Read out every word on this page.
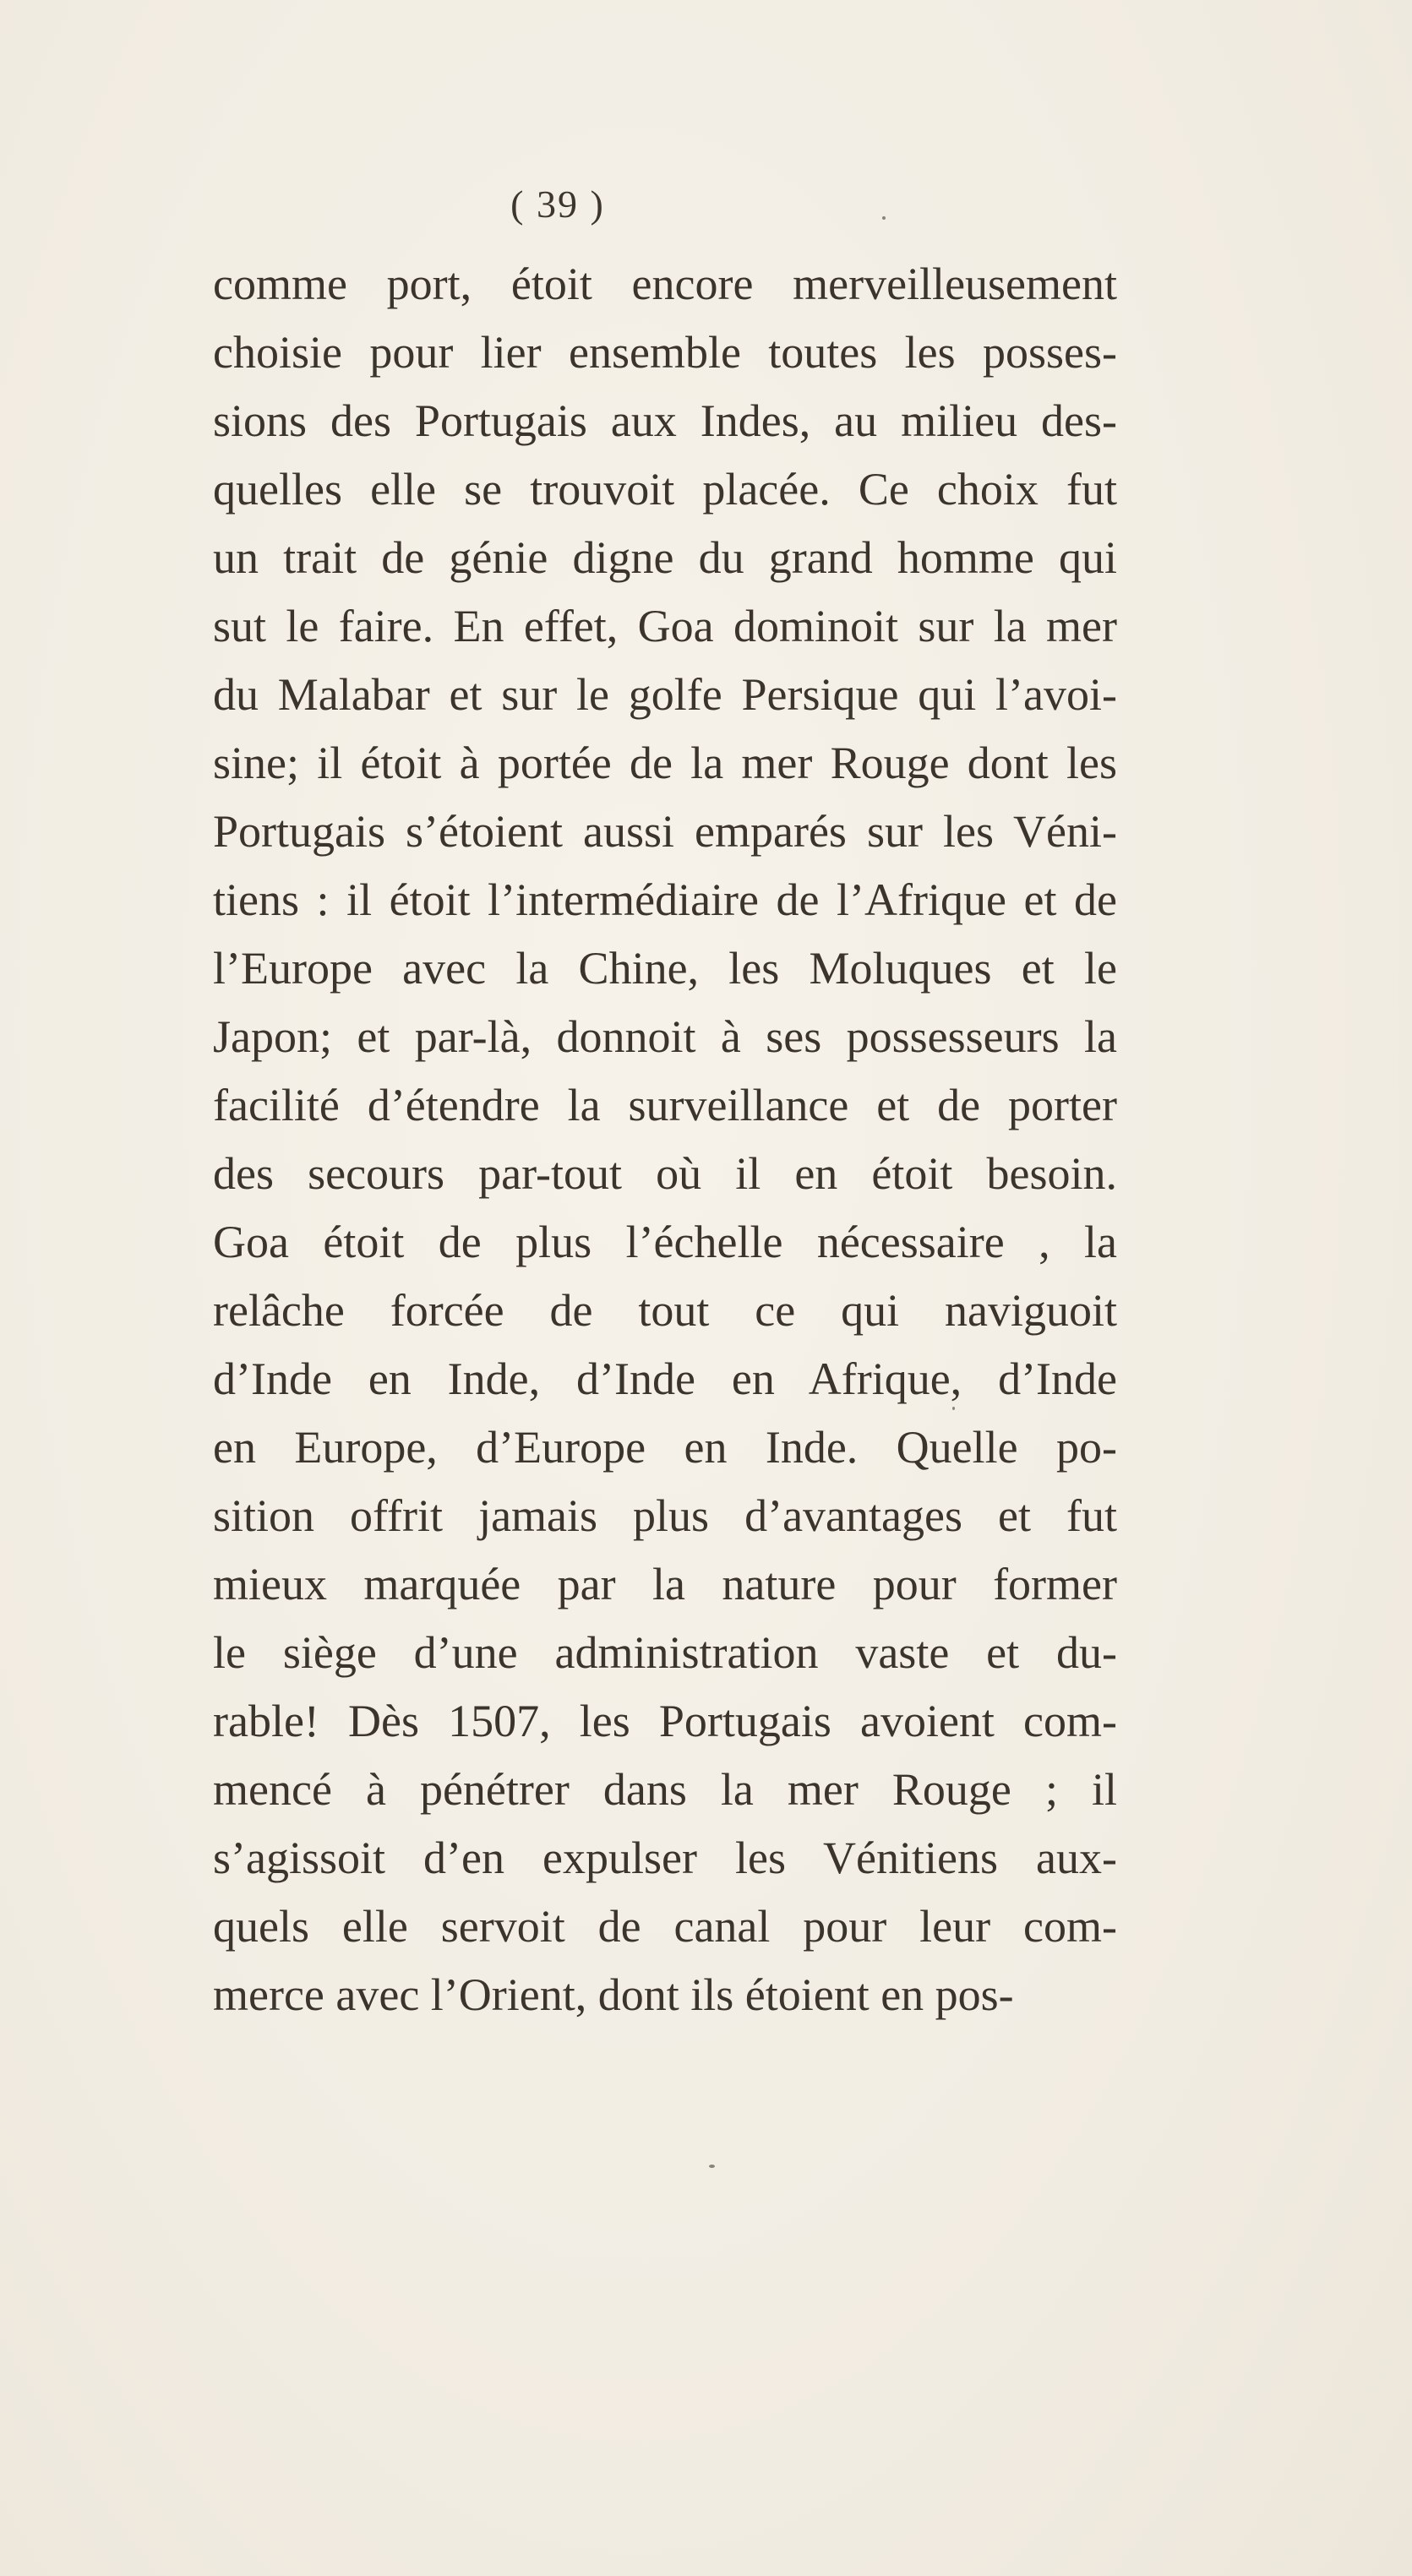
( 39 )
comme port, étoit encore merveilleusement
choisie pour lier ensemble toutes les posses-
sions des Portugais aux Indes, au milieu des-
quelles elle se trouvoit placée. Ce choix fut
un trait de génie digne du grand homme qui
sut le faire. En effet, Goa dominoit sur la mer
du Malabar et sur le golfe Persique qui l’avoi-
sine; il étoit à portée de la mer Rouge dont les
Portugais s’étoient aussi emparés sur les Véni-
tiens : il étoit l’intermédiaire de l’Afrique et de
l’Europe avec la Chine, les Moluques et le
Japon; et par-là, donnoit à ses possesseurs la
facilité d’étendre la surveillance et de porter
des secours par-tout où il en étoit besoin.
Goa étoit de plus l’échelle nécessaire , la
relâche forcée de tout ce qui naviguoit
d’Inde en Inde, d’Inde en Afrique, d’Inde
en Europe, d’Europe en Inde. Quelle po-
sition offrit jamais plus d’avantages et fut
mieux marquée par la nature pour former
le siège d’une administration vaste et du-
rable! Dès 1507, les Portugais avoient com-
mencé à pénétrer dans la mer Rouge ; il
s’agissoit d’en expulser les Vénitiens aux-
quels elle servoit de canal pour leur com-
merce avec l’Orient, dont ils étoient en pos-
